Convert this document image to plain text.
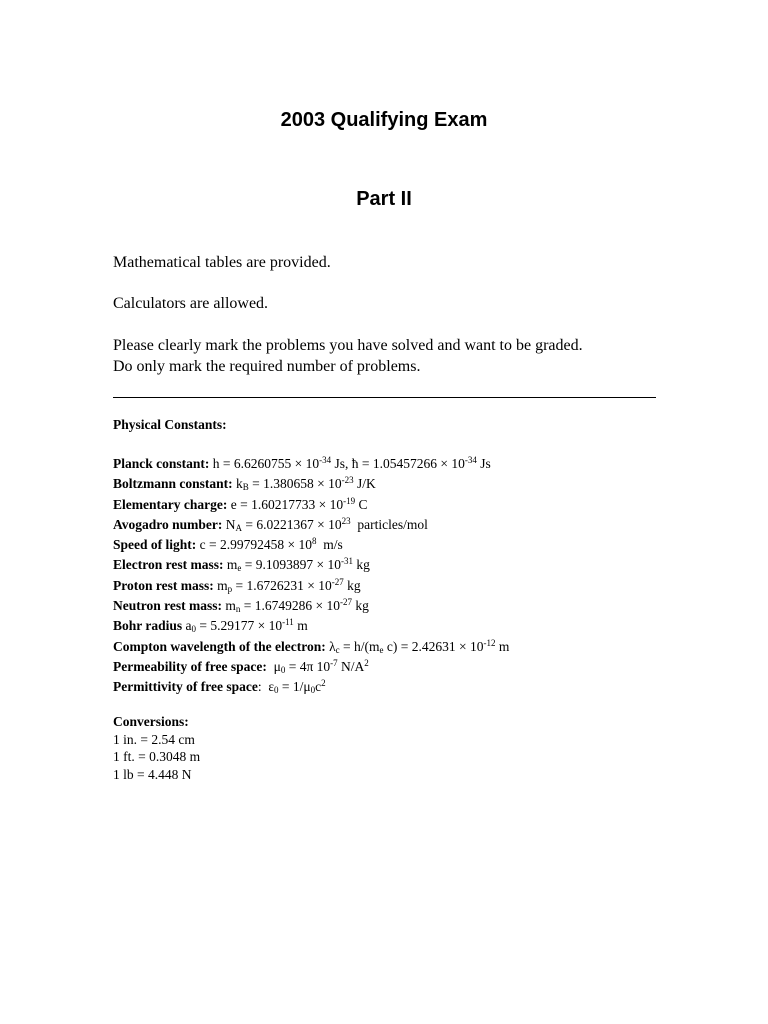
2003 Qualifying Exam
Part II
Mathematical tables are provided.
Calculators are allowed.
Please clearly mark the problems you have solved and want to be graded.
Do only mark the required number of problems.
Physical Constants:
Planck constant: $h = 6.6260755 \times 10^{-34}$ Js, ħ = $1.05457266 \times 10^{-34}$ Js
Boltzmann constant: $k_B = 1.380658 \times 10^{-23}$ J/K
Elementary charge: $e = 1.60217733 \times 10^{-19}$ C
Avogadro number: $N_A = 6.0221367 \times 10^{23}$  particles/mol
Speed of light: $c = 2.99792458 \times 10^8$  m/s
Electron rest mass: $m_e = 9.1093897 \times 10^{-31}$ kg
Proton rest mass: $m_p = 1.6726231 \times 10^{-27}$ kg
Neutron rest mass: $m_n = 1.6749286 \times 10^{-27}$ kg
Bohr radius $a_0 = 5.29177 \times 10^{-11}$ m
Compton wavelength of the electron: $\lambda_c = h/(m_e$ $c) = 2.42631 \times 10^{-12}$ m
Permeability of free space:  $\mu_0 = 4\pi$ $10^{-7}$ $N/A^2$
Permittivity of free space:  $\varepsilon_0 = 1/\mu_0c^2$
Conversions:
1 in. = 2.54 cm
1 ft. = 0.3048 m
1 lb = 4.448 N
